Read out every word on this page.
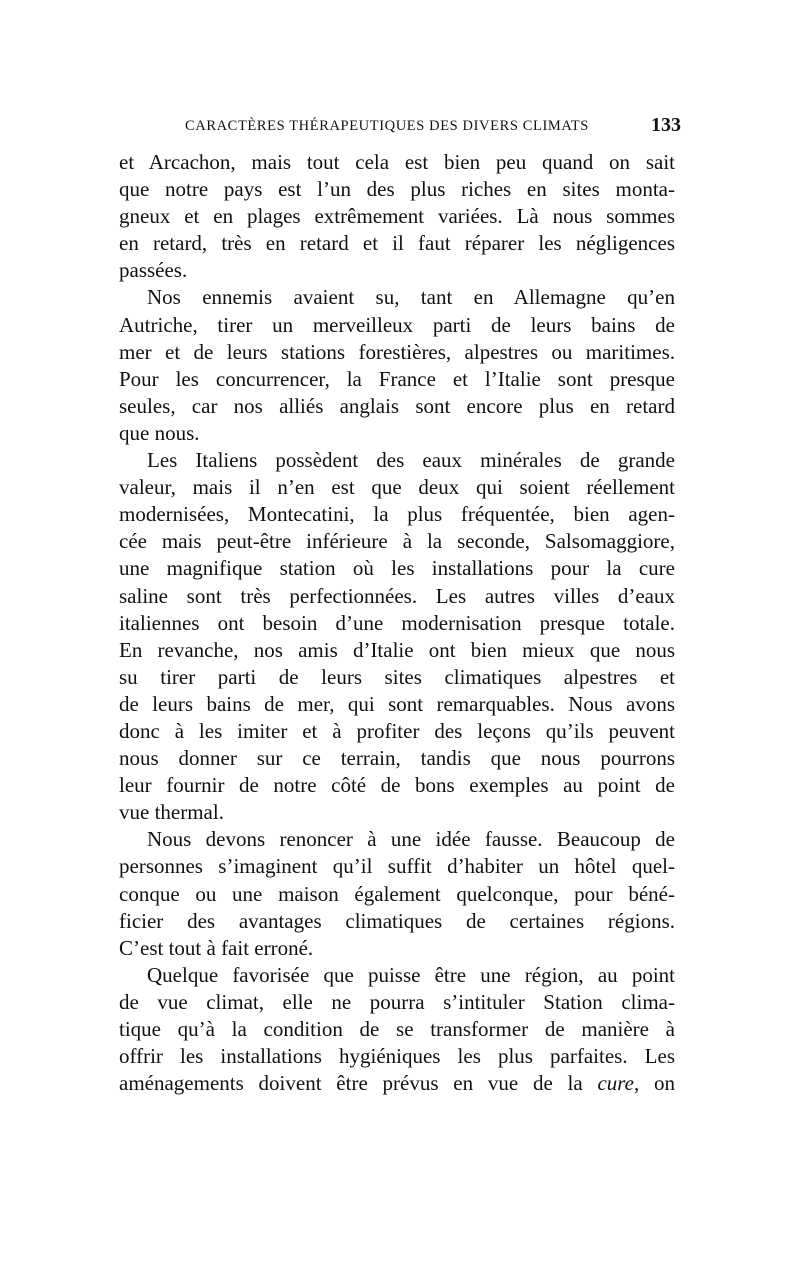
CARACTÈRES THÉRAPEUTIQUES DES DIVERS CLIMATS	133
et Arcachon, mais tout cela est bien peu quand on sait
que notre pays est l’un des plus riches en sites monta-
gneux et en plages extrêmement variées. Là nous sommes
en retard, très en retard et il faut réparer les négligences
passées.
Nos ennemis avaient su, tant en Allemagne qu’en
Autriche, tirer un merveilleux parti de leurs bains de
mer et de leurs stations forestières, alpestres ou maritimes.
Pour les concurrencer, la France et l’Italie sont presque
seules, car nos alliés anglais sont encore plus en retard
que nous.
Les Italiens possèdent des eaux minérales de grande
valeur, mais il n’en est que deux qui soient réellement
modernisées, Montecatini, la plus fréquentée, bien agen-
cée mais peut-être inférieure à la seconde, Salsomaggiore,
une magnifique station où les installations pour la cure
saline sont très perfectionnées. Les autres villes d’eaux
italiennes ont besoin d’une modernisation presque totale.
En revanche, nos amis d’Italie ont bien mieux que nous
su tirer parti de leurs sites climatiques alpestres et
de leurs bains de mer, qui sont remarquables. Nous avons
donc à les imiter et à profiter des leçons qu’ils peuvent
nous donner sur ce terrain, tandis que nous pourrons
leur fournir de notre côté de bons exemples au point de
vue thermal.
Nous devons renoncer à une idée fausse. Beaucoup de
personnes s’imaginent qu’il suffit d’habiter un hôtel quel-
conque ou une maison également quelconque, pour béné-
ficier des avantages climatiques de certaines régions.
C’est tout à fait erroné.
Quelque favorisée que puisse être une région, au point
de vue climat, elle ne pourra s’intituler Station clima-
tique qu’à la condition de se transformer de manière à
offrir les installations hygiéniques les plus parfaites. Les
aménagements doivent être prévus en vue de la cure, on
